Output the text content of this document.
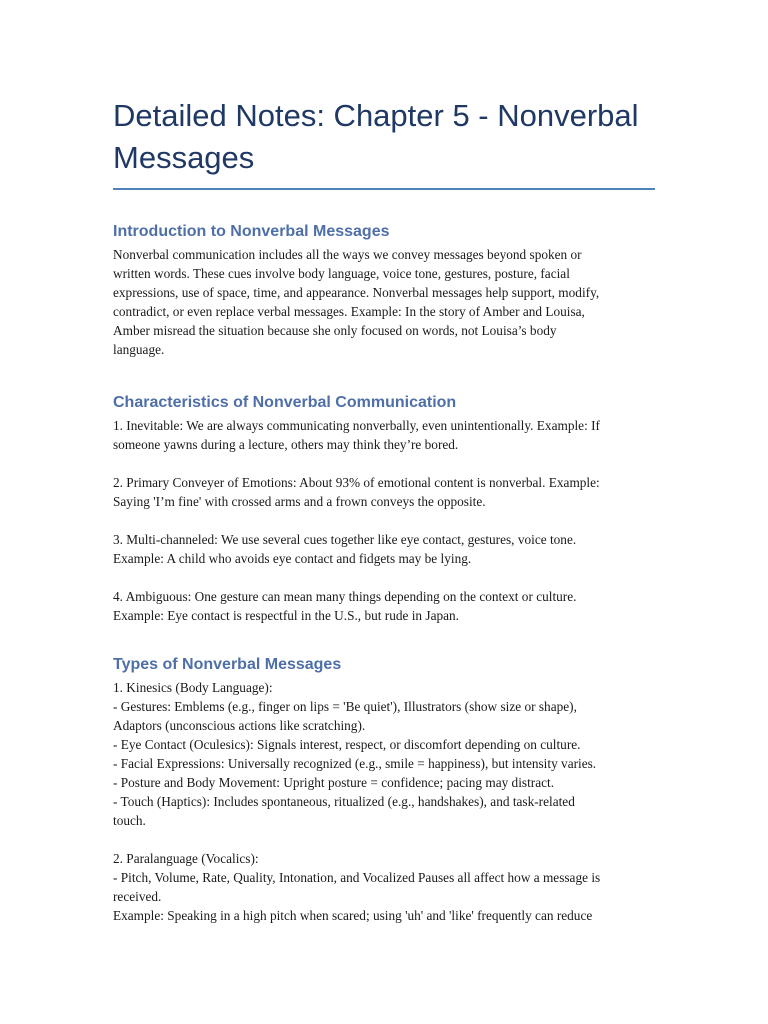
Detailed Notes: Chapter 5 - Nonverbal Messages
Introduction to Nonverbal Messages

Nonverbal communication includes all the ways we convey messages beyond spoken or
written words. These cues involve body language, voice tone, gestures, posture, facial
expressions, use of space, time, and appearance. Nonverbal messages help support, modify,
contradict, or even replace verbal messages. Example: In the story of Amber and Louisa,
Amber misread the situation because she only focused on words, not Louisa’s body
language.

Characteristics of Nonverbal Communication

1. Inevitable: We are always communicating nonverbally, even unintentionally. Example: If
someone yawns during a lecture, others may think they’re bored.

2. Primary Conveyer of Emotions: About 93% of emotional content is nonverbal. Example:
Saying 'I’m fine' with crossed arms and a frown conveys the opposite.

3. Multi-channeled: We use several cues together like eye contact, gestures, voice tone.
Example: A child who avoids eye contact and fidgets may be lying.

4. Ambiguous: One gesture can mean many things depending on the context or culture.
Example: Eye contact is respectful in the U.S., but rude in Japan.

Types of Nonverbal Messages

1. Kinesics (Body Language):
- Gestures: Emblems (e.g., finger on lips = 'Be quiet'), Illustrators (show size or shape),
Adaptors (unconscious actions like scratching).
- Eye Contact (Oculesics): Signals interest, respect, or discomfort depending on culture.
- Facial Expressions: Universally recognized (e.g., smile = happiness), but intensity varies.
- Posture and Body Movement: Upright posture = confidence; pacing may distract.
- Touch (Haptics): Includes spontaneous, ritualized (e.g., handshakes), and task-related
touch.

2. Paralanguage (Vocalics):
- Pitch, Volume, Rate, Quality, Intonation, and Vocalized Pauses all affect how a message is
received.
Example: Speaking in a high pitch when scared; using 'uh' and 'like' frequently can reduce
